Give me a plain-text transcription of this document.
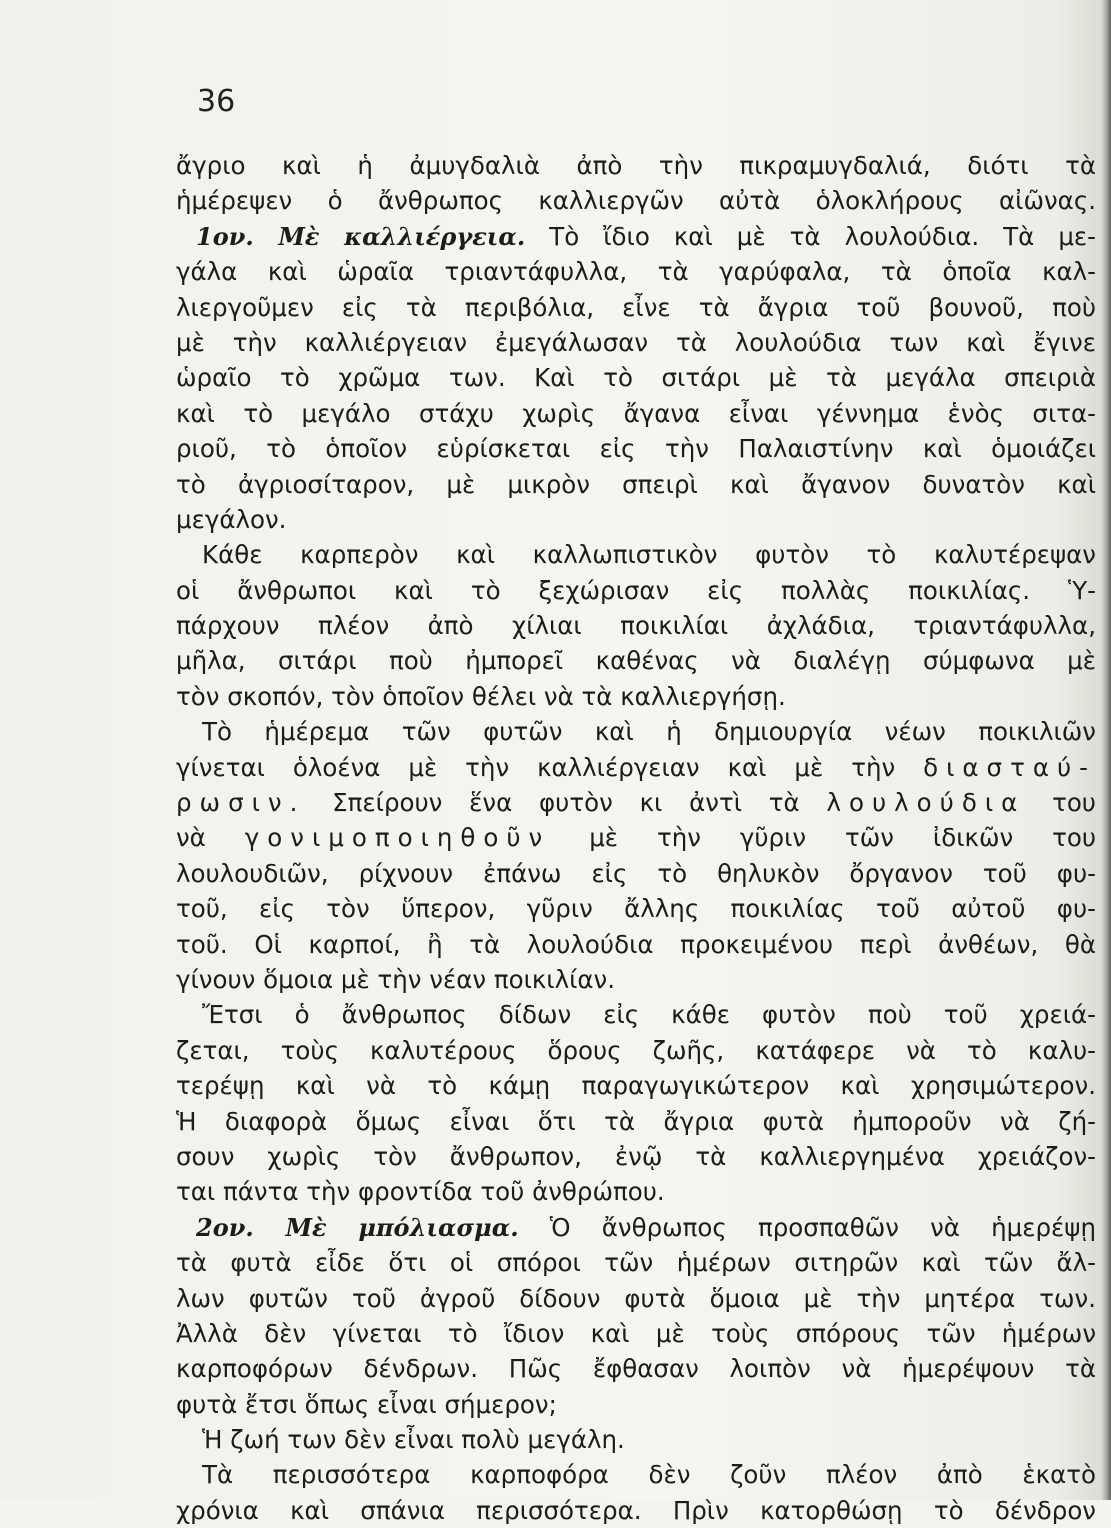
36
ἄγριο καὶ ἡ ἀμυγδαλιὰ ἀπὸ τὴν πικραμυγδαλιά, διότι τὰ
ἡμέρεψεν ὁ ἄνθρωπος καλλιεργῶν αὐτὰ ὁλοκλήρους αἰῶνας.
1ον. Μὲ καλλιέργεια. Τὸ ἴδιο καὶ μὲ τὰ λουλούδια. Τὰ με-
γάλα καὶ ὡραῖα τριαντάφυλλα, τὰ γαρύφαλα, τὰ ὁποῖα καλ-
λιεργοῦμεν εἰς τὰ περιβόλια, εἶνε τὰ ἄγρια τοῦ βουνοῦ, ποὺ
μὲ τὴν καλλιέργειαν ἐμεγάλωσαν τὰ λουλούδια των καὶ ἔγινε
ὡραῖο τὸ χρῶμα των. Καὶ τὸ σιτάρι μὲ τὰ μεγάλα σπειριὰ
καὶ τὸ μεγάλο στάχυ χωρὶς ἄγανα εἶναι γέννημα ἑνὸς σιτα-
ριοῦ, τὸ ὁποῖον εὑρίσκεται εἰς τὴν Παλαιστίνην καὶ ὁμοιάζει
τὸ ἀγριοσίταρον, μὲ μικρὸν σπειρὶ καὶ ἄγανον δυνατὸν καὶ
μεγάλον.
Κάθε καρπερὸν καὶ καλλωπιστικὸν φυτὸν τὸ καλυτέρεψαν
οἱ ἄνθρωποι καὶ τὸ ξεχώρισαν εἰς πολλὰς ποικιλίας. Ὑ-
πάρχουν πλέον ἀπὸ χίλιαι ποικιλίαι ἀχλάδια, τριαντάφυλλα,
μῆλα, σιτάρι ποὺ ἠμπορεῖ καθένας νὰ διαλέγῃ σύμφωνα μὲ
τὸν σκοπόν, τὸν ὁποῖον θέλει νὰ τὰ καλλιεργήσῃ.
Τὸ ἡμέρεμα τῶν φυτῶν καὶ ἡ δημιουργία νέων ποικιλιῶν
γίνεται ὁλοένα μὲ τὴν καλλιέργειαν καὶ μὲ τὴν διασταύ-
ρωσιν. Σπείρουν ἕνα φυτὸν κι ἀντὶ τὰ λουλούδια του
νὰ γονιμοποιηθοῦν μὲ τὴν γῦριν τῶν ἰδικῶν του
λουλουδιῶν, ρίχνουν ἐπάνω εἰς τὸ θηλυκὸν ὄργανον τοῦ φυ-
τοῦ, εἰς τὸν ὕπερον, γῦριν ἄλλης ποικιλίας τοῦ αὐτοῦ φυ-
τοῦ. Οἱ καρποί, ἢ τὰ λουλούδια προκειμένου περὶ ἀνθέων, θὰ
γίνουν ὅμοια μὲ τὴν νέαν ποικιλίαν.
Ἔτσι ὁ ἄνθρωπος δίδων εἰς κάθε φυτὸν ποὺ τοῦ χρειά-
ζεται, τοὺς καλυτέρους ὅρους ζωῆς, κατάφερε νὰ τὸ καλυ-
τερέψῃ καὶ νὰ τὸ κάμῃ παραγωγικώτερον καὶ χρησιμώτερον.
Ἡ διαφορὰ ὅμως εἶναι ὅτι τὰ ἄγρια φυτὰ ἠμποροῦν νὰ ζή-
σουν χωρὶς τὸν ἄνθρωπον, ἐνῷ τὰ καλλιεργημένα χρειάζον-
ται πάντα τὴν φροντίδα τοῦ ἀνθρώπου.
2ον. Μὲ μπόλιασμα. Ὁ ἄνθρωπος προσπαθῶν νὰ ἡμερέψῃ
τὰ φυτὰ εἶδε ὅτι οἱ σπόροι τῶν ἡμέρων σιτηρῶν καὶ τῶν ἄλ-
λων φυτῶν τοῦ ἀγροῦ δίδουν φυτὰ ὅμοια μὲ τὴν μητέρα των.
Ἀλλὰ δὲν γίνεται τὸ ἴδιον καὶ μὲ τοὺς σπόρους τῶν ἡμέρων
καρποφόρων δένδρων. Πῶς ἔφθασαν λοιπὸν νὰ ἡμερέψουν τὰ
φυτὰ ἔτσι ὅπως εἶναι σήμερον;
Ἡ ζωή των δὲν εἶναι πολὺ μεγάλη.
Τὰ περισσότερα καρποφόρα δὲν ζοῦν πλέον ἀπὸ ἑκατὸ
χρόνια καὶ σπάνια περισσότερα. Πρὶν κατορθώσῃ τὸ δένδρον
